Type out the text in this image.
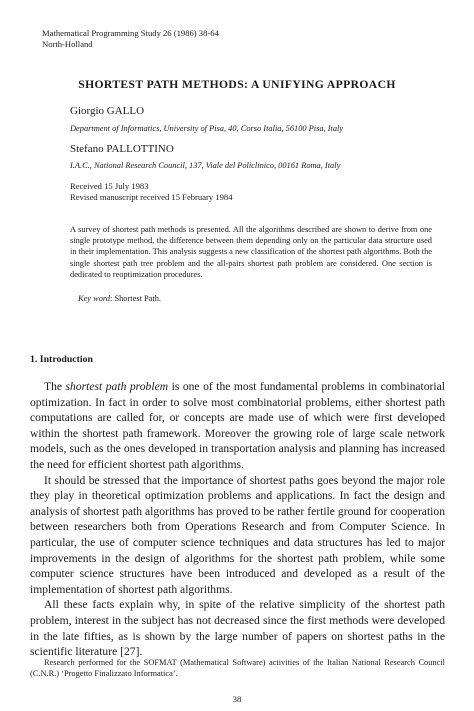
Mathematical Programming Study 26 (1986) 38-64
North-Holland
SHORTEST PATH METHODS: A UNIFYING APPROACH
Giorgio GALLO
Department of Informatics, University of Pisa, 40, Corso Italia, 56100 Pisa, Italy
Stefano PALLOTTINO
I.A.C., National Research Council, 137, Viale del Policlinico, 00161 Roma, Italy
Received 15 July 1983
Revised manuscript received 15 February 1984
A survey of shortest path methods is presented. All the algorithms described are shown to derive from one single prototype method, the difference between them depending only on the particular data structure used in their implementation. This analysis suggests a new classification of the shortest path algorithms. Both the single shortest path tree problem and the all-pairs shortest path problem are considered. One section is dedicated to reoptimization procedures.
Key word: Shortest Path.
1. Introduction

The shortest path problem is one of the most fundamental problems in combinatorial optimization. In fact in order to solve most combinatorial problems, either shortest path computations are called for, or concepts are made use of which were first developed within the shortest path framework. Moreover the growing role of large scale network models, such as the ones developed in transportation analysis and planning has increased the need for efficient shortest path algorithms.

It should be stressed that the importance of shortest paths goes beyond the major role they play in theoretical optimization problems and applications. In fact the design and analysis of shortest path algorithms has proved to be rather fertile ground for cooperation between researchers both from Operations Research and from Computer Science. In particular, the use of computer science techniques and data structures has led to major improvements in the design of algorithms for the shortest path problem, while some computer science structures have been introduced and developed as a result of the implementation of shortest path algorithms.

All these facts explain why, in spite of the relative simplicity of the shortest path problem, interest in the subject has not decreased since the first methods were developed in the late fifties, as is shown by the large number of papers on shortest paths in the scientific literature [27].

Research performed for the SOFMAT (Mathematical Software) activities of the Italian National Research Council (C.N.R.) ‘Progetto Finalizzato Informatica’.
38
